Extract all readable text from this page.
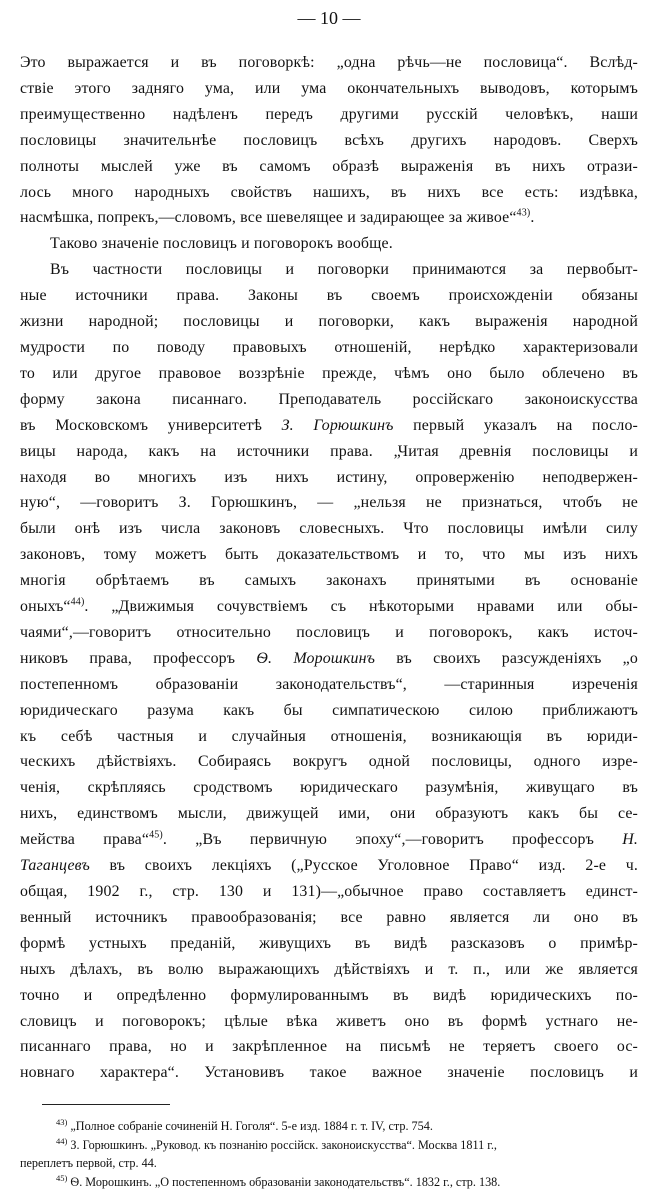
— 10 —

Это выражается и въ поговоркѣ: „одна рѣчь—не пословица“. Вслѣд-
ствіе этого задняго ума, или ума окончательныхъ выводовъ, которымъ
преимущественно надѣленъ передъ другими русскій человѣкъ, наши
пословицы значительнѣе пословицъ всѣхъ другихъ народовъ. Сверхъ
полноты мыслей уже въ самомъ образѣ выраженія въ нихъ отрази-
лось много народныхъ свойствъ нашихъ, въ нихъ все есть: издѣвка,
насмѣшка, попрекъ,—словомъ, все шевелящее и задирающее за живое“$^{43)}$.

Таково значеніе пословицъ и поговорокъ вообще.

Въ частности пословицы и поговорки принимаются за первобыт-
ные источники права. Законы въ своемъ происхожденіи обязаны
жизни народной; пословицы и поговорки, какъ выраженія народной
мудрости по поводу правовыхъ отношеній, нерѣдко характеризовали
то или другое правовое воззрѣніе прежде, чѣмъ оно было облечено въ
форму закона писаннаго. Преподаватель россійскаго законоискусства
въ Московскомъ университетѣ З. Горюшкинъ первый указалъ на посло-
вицы народа, какъ на источники права. „Читая древнія пословицы и
находя во многихъ изъ нихъ истину, опроверженію неподвержен-
ную“, —говоритъ З. Горюшкинъ, — „нельзя не признаться, чтобъ не
были онѣ изъ числа законовъ словесныхъ. Что пословицы имѣли силу
законовъ, тому можетъ быть доказательствомъ и то, что мы изъ нихъ
многія обрѣтаемъ въ самыхъ законахъ принятыми въ основаніе
оныхъ“$^{44)}$. „Движимыя сочувствіемъ съ нѣкоторыми нравами или обы-
чаями“,—говоритъ относительно пословицъ и поговорокъ, какъ источ-
никовъ права, профессоръ Ѳ. Морошкинъ въ своихъ разсужденіяхъ „о
постепенномъ образованіи законодательствъ“, —старинныя изреченія
юридическаго разума какъ бы симпатическою силою приближаютъ
къ себѣ частныя и случайныя отношенія, возникающія въ юриди-
ческихъ дѣйствіяхъ. Собираясь вокругъ одной пословицы, одного изре-
ченія, скрѣпляясь сродствомъ юридическаго разумѣнія, живущаго въ
нихъ, единствомъ мысли, движущей ими, они образуютъ какъ бы се-
мейства права“$^{45)}$. „Въ первичную эпоху“,—говоритъ профессоръ Н.
Таганцевъ въ своихъ лекціяхъ („Русское Уголовное Право“ изд. 2-е ч.
общая, 1902 г., стр. 130 и 131)—„обычное право составляетъ единст-
венный источникъ правообразованія; все равно является ли оно въ
формѣ устныхъ преданій, живущихъ въ видѣ разсказовъ о примѣр-
ныхъ дѣлахъ, въ волю выражающихъ дѣйствіяхъ и т. п., или же является
точно и опредѣленно формулированнымъ въ видѣ юридическихъ по-
словицъ и поговорокъ; цѣлые вѣка живетъ оно въ формѣ устнаго не-
писаннаго права, но и закрѣпленное на письмѣ не теряетъ своего ос-
новнаго характера“. Установивъ такое важное значеніе пословицъ и

$^{43)}$ „Полное собраніе сочиненій Н. Гоголя“. 5-е изд. 1884 г. т. IV, стр. 754.
$^{44)}$ З. Горюшкинъ. „Руковод. къ познанію россійск. законоискусства“. Москва 1811 г.,
переплетъ первой, стр. 44.
$^{45)}$ Ѳ. Морошкинъ. „О постепенномъ образованіи законодательствъ“. 1832 г., стр. 138.
